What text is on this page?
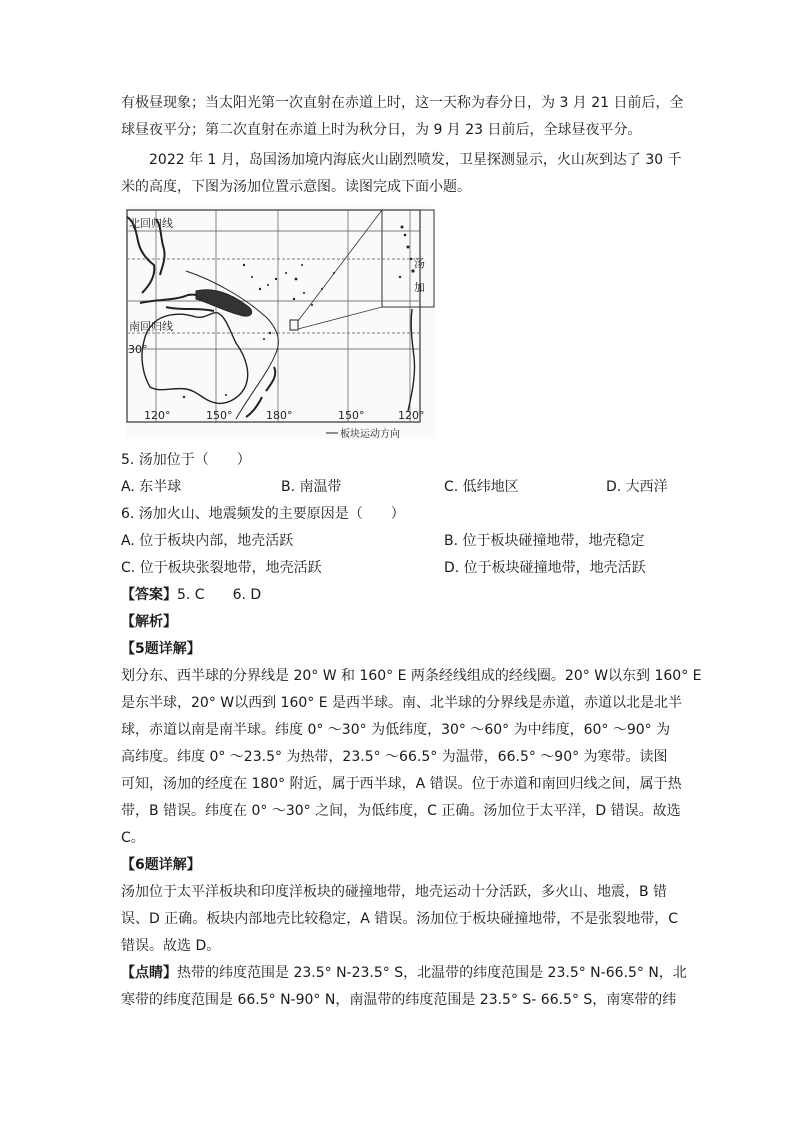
有极昼现象；当太阳光第一次直射在赤道上时，这一天称为春分日，为 3 月 21 日前后，全
球昼夜平分；第二次直射在赤道上时为秋分日，为 9 月 23 日前后，全球昼夜平分。
2022 年 1 月，岛国汤加境内海底火山剧烈喷发，卫星探测显示，火山灰到达了 30 千
米的高度，下图为汤加位置示意图。读图完成下面小题。
汤
加
北回归线
南回归线
30°
120°	150°	180°	150°	120°
板块运动方向
5. 汤加位于（　　）
A. 东半球	B. 南温带	C. 低纬地区	D. 大西洋
6. 汤加火山、地震频发的主要原因是（　　）
A. 位于板块内部，地壳活跃	B. 位于板块碰撞地带，地壳稳定
C. 位于板块张裂地带，地壳活跃	D. 位于板块碰撞地带，地壳活跃
【答案】5. C　　6. D
【解析】
【5题详解】
划分东、西半球的分界线是 20° W 和 160° E 两条经线组成的经线圈。20° W以东到 160° E
是东半球，20° W以西到 160° E 是西半球。南、北半球的分界线是赤道，赤道以北是北半
球，赤道以南是南半球。纬度 0° ～30° 为低纬度，30° ～60° 为中纬度，60° ～90° 为
高纬度。纬度 0° ～23.5° 为热带，23.5° ～66.5° 为温带，66.5° ～90° 为寒带。读图
可知，汤加的经度在 180° 附近，属于西半球，A 错误。位于赤道和南回归线之间，属于热
带，B 错误。纬度在 0° ～30° 之间，为低纬度，C 正确。汤加位于太平洋，D 错误。故选
C。
【6题详解】
汤加位于太平洋板块和印度洋板块的碰撞地带，地壳运动十分活跃，多火山、地震，B 错
误、D 正确。板块内部地壳比较稳定，A 错误。汤加位于板块碰撞地带，不是张裂地带，C
错误。故选 D。
【点睛】热带的纬度范围是 23.5° N-23.5° S，北温带的纬度范围是 23.5° N-66.5° N，北
寒带的纬度范围是 66.5° N-90° N，南温带的纬度范围是 23.5° S- 66.5° S，南寒带的纬
